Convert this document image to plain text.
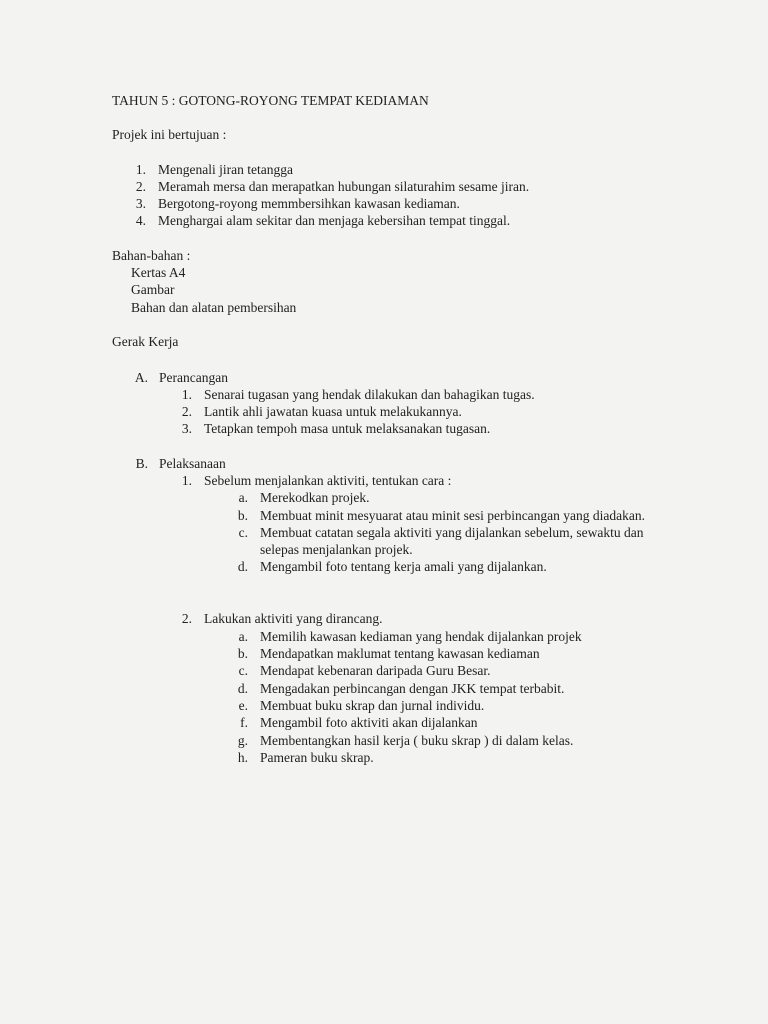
TAHUN 5 : GOTONG-ROYONG TEMPAT KEDIAMAN
Projek ini bertujuan :
1. Mengenali jiran tetangga
2. Meramah mersa dan merapatkan hubungan silaturahim sesame jiran.
3. Bergotong-royong memmbersihkan kawasan kediaman.
4. Menghargai alam sekitar dan menjaga kebersihan tempat tinggal.
Bahan-bahan :
Kertas A4
Gambar
Bahan dan alatan pembersihan
Gerak Kerja
A. Perancangan
1. Senarai tugasan yang hendak dilakukan dan bahagikan tugas.
2. Lantik ahli jawatan kuasa untuk melakukannya.
3. Tetapkan tempoh masa untuk melaksanakan tugasan.
B. Pelaksanaan
1. Sebelum menjalankan aktiviti, tentukan cara :
a. Merekodkan projek.
b. Membuat minit mesyuarat atau minit sesi perbincangan yang diadakan.
c. Membuat catatan segala aktiviti yang dijalankan sebelum, sewaktu dan
selepas menjalankan projek.
d. Mengambil foto tentang kerja amali yang dijalankan.
2. Lakukan aktiviti yang dirancang.
a. Memilih kawasan kediaman yang hendak dijalankan projek
b. Mendapatkan maklumat tentang kawasan kediaman
c. Mendapat kebenaran daripada Guru Besar.
d. Mengadakan perbincangan dengan JKK tempat terbabit.
e. Membuat buku skrap dan jurnal individu.
f. Mengambil foto aktiviti akan dijalankan
g. Membentangkan hasil kerja ( buku skrap ) di dalam kelas.
h. Pameran buku skrap.
